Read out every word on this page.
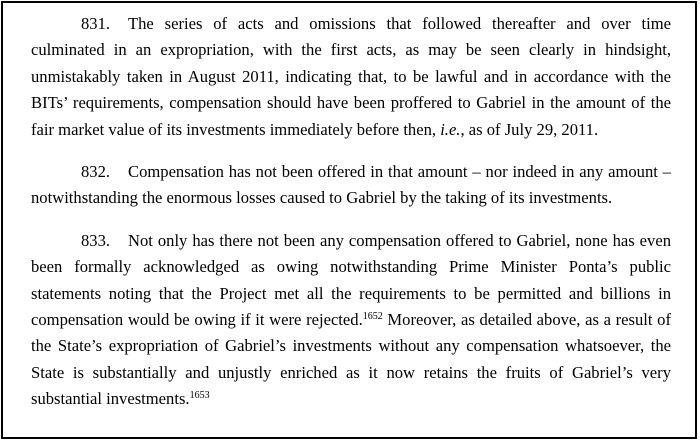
831. The series of acts and omissions that followed thereafter and over time culminated in an expropriation, with the first acts, as may be seen clearly in hindsight, unmistakably taken in August 2011, indicating that, to be lawful and in accordance with the BITs’ requirements, compensation should have been proffered to Gabriel in the amount of the fair market value of its investments immediately before then, i.e., as of July 29, 2011.

832. Compensation has not been offered in that amount – nor indeed in any amount – notwithstanding the enormous losses caused to Gabriel by the taking of its investments.

833. Not only has there not been any compensation offered to Gabriel, none has even been formally acknowledged as owing notwithstanding Prime Minister Ponta’s public statements noting that the Project met all the requirements to be permitted and billions in compensation would be owing if it were rejected.$^{1652}$ Moreover, as detailed above, as a result of the State’s expropriation of Gabriel’s investments without any compensation whatsoever, the State is substantially and unjustly enriched as it now retains the fruits of Gabriel’s very substantial investments.$^{1653}$
